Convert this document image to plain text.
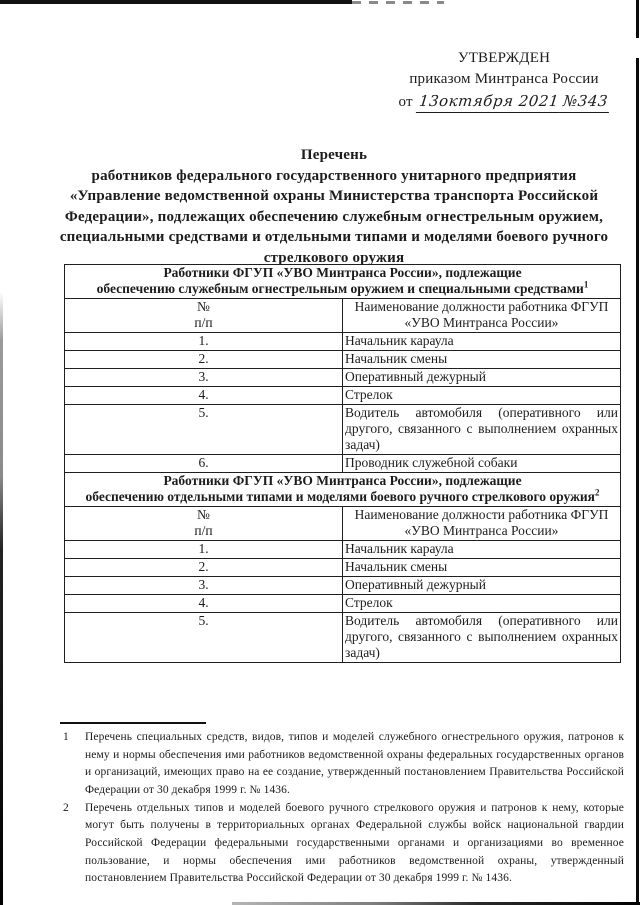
УТВЕРЖДЕН
приказом Минтранса России
от 13октября 2021 №343
Перечень
работников федерального государственного унитарного предприятия
«Управление ведомственной охраны Министерства транспорта Российской
Федерации», подлежащих обеспечению служебным огнестрельным оружием,
специальными средствами и отдельными типами и моделями боевого ручного
стрелкового оружия
Работники ФГУП «УВО Минтранса России», подлежащие
обеспечению служебным огнестрельным оружием и специальными средствами$^1$

№
п/п	Наименование должности работника ФГУП «УВО Минтранса России»
1.	Начальник караула
2.	Начальник смены
3.	Оперативный дежурный
4.	Стрелок
5.	Водитель автомобиля (оперативного или другого, связанного с выполнением охранных задач)
6.	Проводник служебной собаки

Работники ФГУП «УВО Минтранса России», подлежащие
обеспечению отдельными типами и моделями боевого ручного стрелкового оружия$^2$

№
п/п	Наименование должности работника ФГУП «УВО Минтранса России»
1.	Начальник караула
2.	Начальник смены
3.	Оперативный дежурный
4.	Стрелок
5.	Водитель автомобиля (оперативного или другого, связанного с выполнением охранных задач)
1 Перечень специальных средств, видов, типов и моделей служебного огнестрельного оружия, патронов к нему и нормы обеспечения ими работников ведомственной охраны федеральных государственных органов и организаций, имеющих право на ее создание, утвержденный постановлением Правительства Российской Федерации от 30 декабря 1999 г. № 1436.
2 Перечень отдельных типов и моделей боевого ручного стрелкового оружия и патронов к нему, которые могут быть получены в территориальных органах Федеральной службы войск национальной гвардии Российской Федерации федеральными государственными органами и организациями во временное пользование, и нормы обеспечения ими работников ведомственной охраны, утвержденный постановлением Правительства Российской Федерации от 30 декабря 1999 г. № 1436.
